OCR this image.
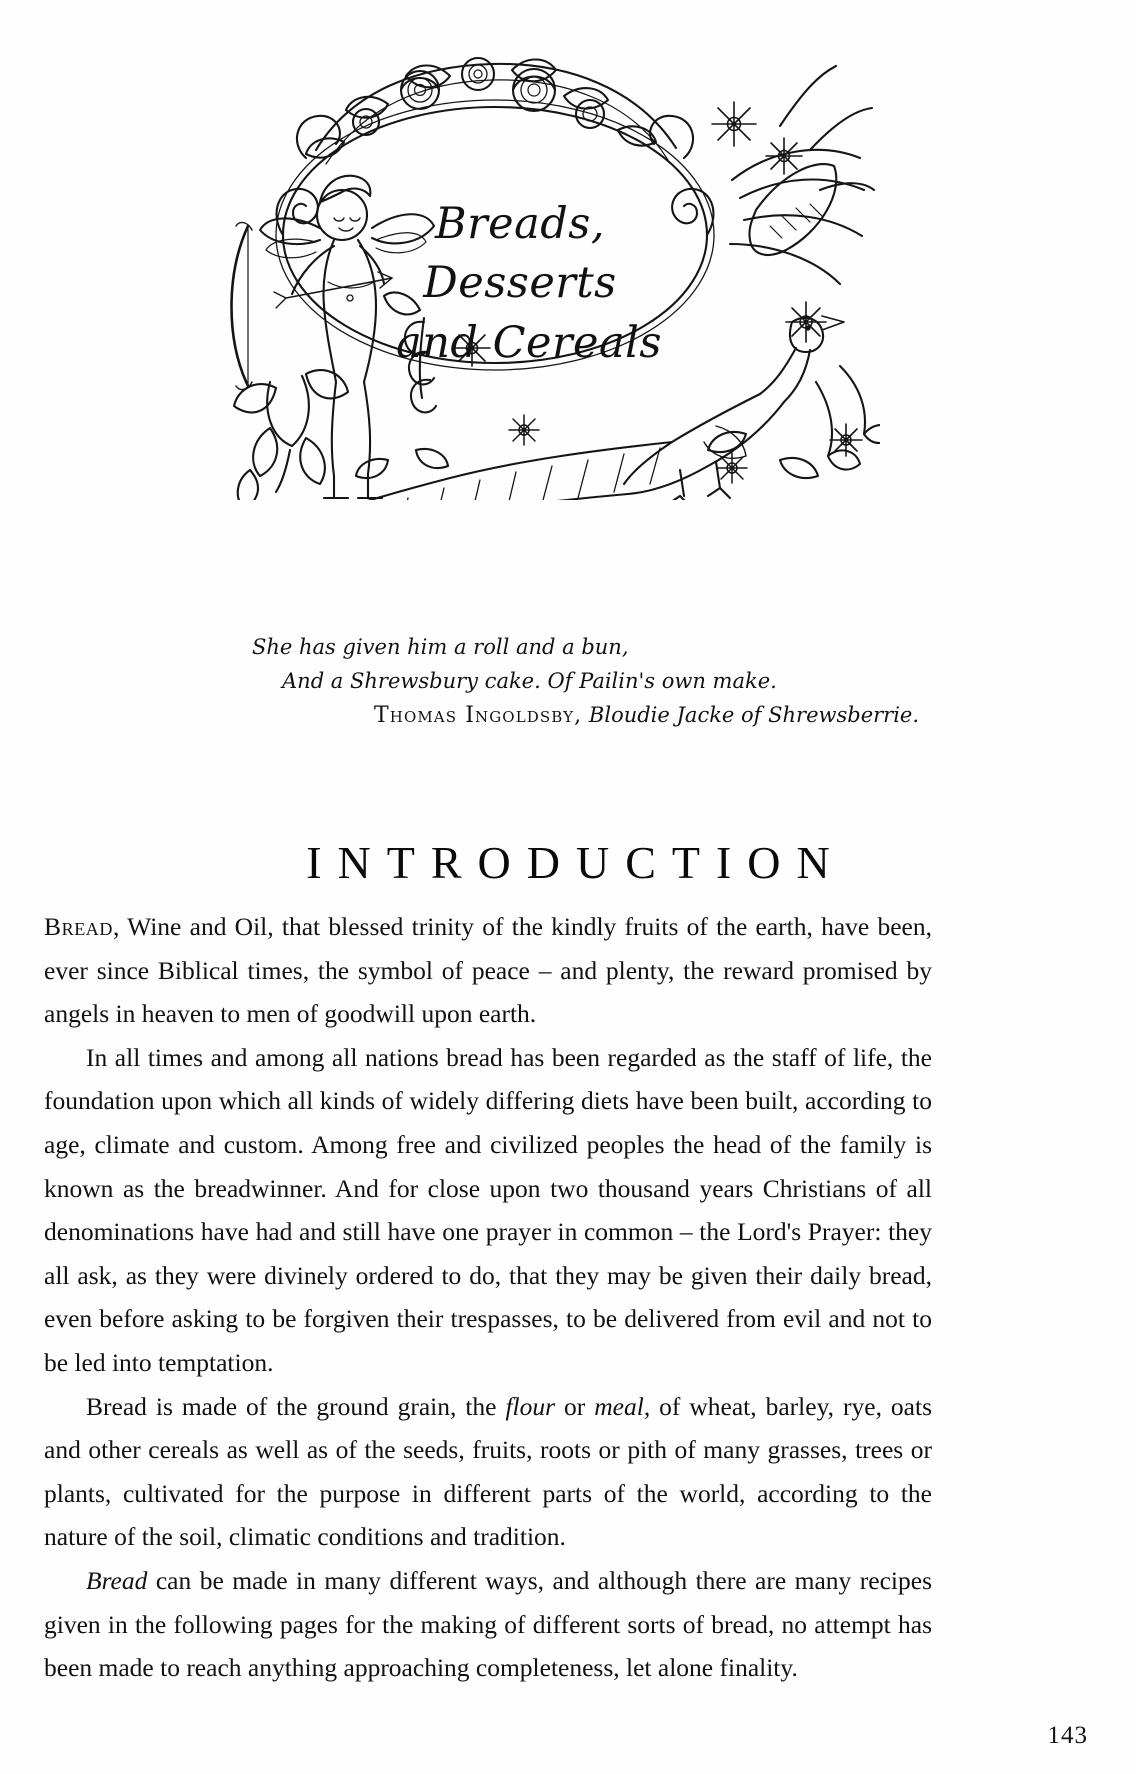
Breads, Desserts
and Cereals
She has given him a roll and a bun,
And a Shrewsbury cake. Of Pailin's own make.
Thomas Ingoldsby, Bloudie Jacke of Shrewsberrie.
INTRODUCTION

Bread, Wine and Oil, that blessed trinity of the kindly fruits of the earth, have been, ever since Biblical times, the symbol of peace – and plenty, the reward promised by angels in heaven to men of goodwill upon earth.

In all times and among all nations bread has been regarded as the staff of life, the foundation upon which all kinds of widely differing diets have been built, according to age, climate and custom. Among free and civilized peoples the head of the family is known as the breadwinner. And for close upon two thousand years Christians of all denominations have had and still have one prayer in common – the Lord's Prayer: they all ask, as they were divinely ordered to do, that they may be given their daily bread, even before asking to be forgiven their trespasses, to be delivered from evil and not to be led into temptation.

Bread is made of the ground grain, the flour or meal, of wheat, barley, rye, oats and other cereals as well as of the seeds, fruits, roots or pith of many grasses, trees or plants, cultivated for the purpose in different parts of the world, according to the nature of the soil, climatic conditions and tradition.

Bread can be made in many different ways, and although there are many recipes given in the following pages for the making of different sorts of bread, no attempt has been made to reach anything approaching completeness, let alone finality.

143
